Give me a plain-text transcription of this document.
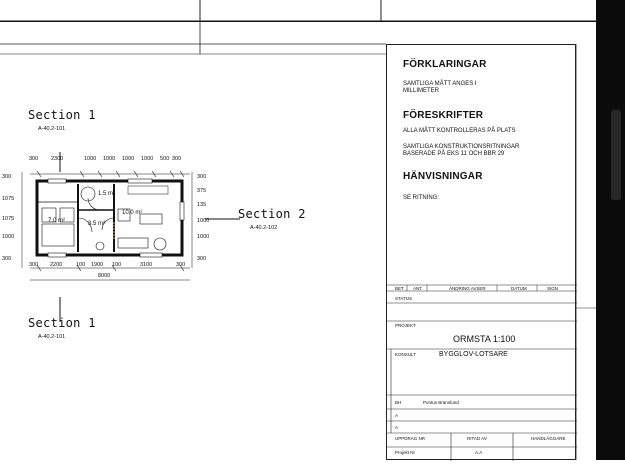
Section 1
A-40.2-101
Section 2
A-40.2-102
Section 1
A-40.2-101
300 2300	1000 1000 1000 1000 500 300
300 2200	100 1900 100	3100	300
8000
300
1075
1075
1000
300
300
375
135
1000
1000
300
7.0 m²	3.5 m²
1.5 m²
10.0 m²
FÖRKLARINGAR
SAMTLIGA MÅTT ANGES I
MILLIMETER
FÖRESKRIFTER
ALLA MÅTT KONTROLLERAS PÅ PLATS
SAMTLIGA KONSTRUKTIONSRITNINGAR
BASERADE PÅ EKS 11 OCH BBR 29
HÄNVISNINGAR
SE RITNING:
BET ANT	ÄNDRING AVSER	DATUM	SIGN
STATUS
PROJEKT
ORMSTA 1:100
KONSULT	BYGGLOV-LOTSARE
BH	Pontus Brännlund
A
A
UPPDRAG NR	RITAD AV	HANDLÄGGARE
Projekt Nr	A.A
